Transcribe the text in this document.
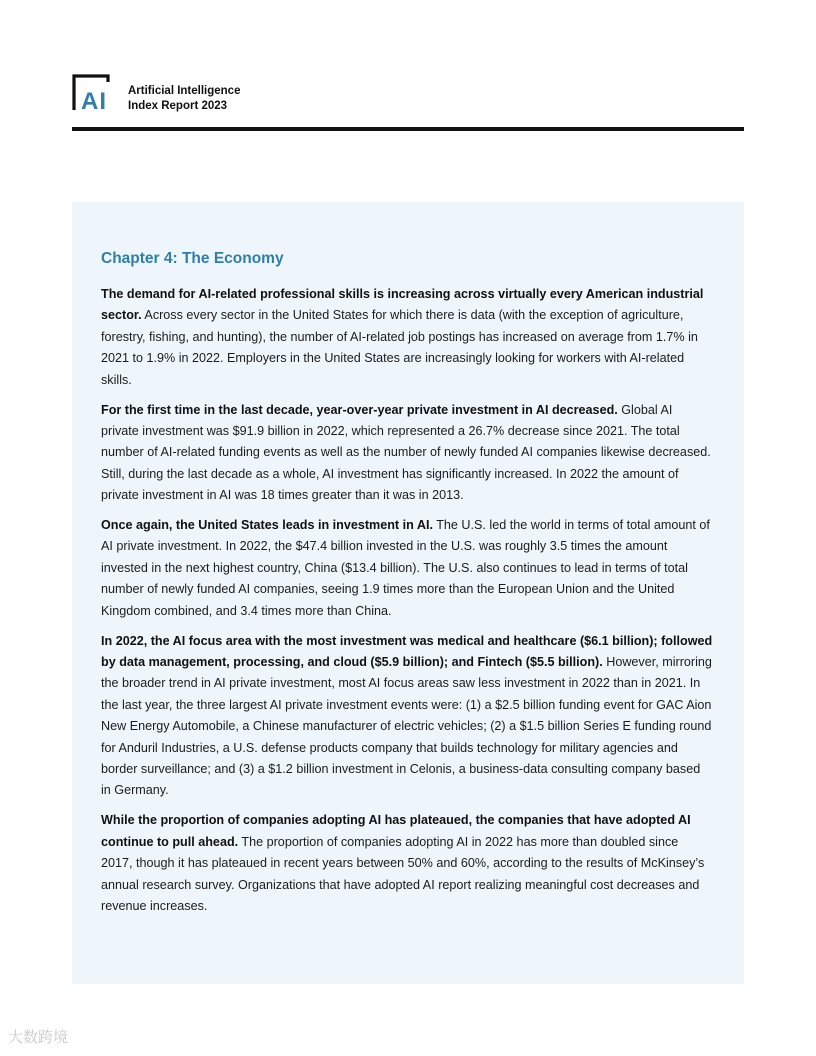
AI Artificial Intelligence
Index Report 2023
Chapter 4: The Economy

The demand for AI-related professional skills is increasing across virtually every American industrial sector. Across every sector in the United States for which there is data (with the exception of agriculture, forestry, fishing, and hunting), the number of AI-related job postings has increased on average from 1.7% in 2021 to 1.9% in 2022. Employers in the United States are increasingly looking for workers with AI-related skills.

For the first time in the last decade, year-over-year private investment in AI decreased. Global AI private investment was $91.9 billion in 2022, which represented a 26.7% decrease since 2021. The total number of AI-related funding events as well as the number of newly funded AI companies likewise decreased. Still, during the last decade as a whole, AI investment has significantly increased. In 2022 the amount of private investment in AI was 18 times greater than it was in 2013.

Once again, the United States leads in investment in AI. The U.S. led the world in terms of total amount of AI private investment. In 2022, the $47.4 billion invested in the U.S. was roughly 3.5 times the amount invested in the next highest country, China ($13.4 billion). The U.S. also continues to lead in terms of total number of newly funded AI companies, seeing 1.9 times more than the European Union and the United Kingdom combined, and 3.4 times more than China.

In 2022, the AI focus area with the most investment was medical and healthcare ($6.1 billion); followed by data management, processing, and cloud ($5.9 billion); and Fintech ($5.5 billion). However, mirroring the broader trend in AI private investment, most AI focus areas saw less investment in 2022 than in 2021. In the last year, the three largest AI private investment events were: (1) a $2.5 billion funding event for GAC Aion New Energy Automobile, a Chinese manufacturer of electric vehicles; (2) a $1.5 billion Series E funding round for Anduril Industries, a U.S. defense products company that builds technology for military agencies and border surveillance; and (3) a $1.2 billion investment in Celonis, a business-data consulting company based in Germany.

While the proportion of companies adopting AI has plateaued, the companies that have adopted AI continue to pull ahead. The proportion of companies adopting AI in 2022 has more than doubled since 2017, though it has plateaued in recent years between 50% and 60%, according to the results of McKinsey’s annual research survey. Organizations that have adopted AI report realizing meaningful cost decreases and revenue increases.

大数跨境
